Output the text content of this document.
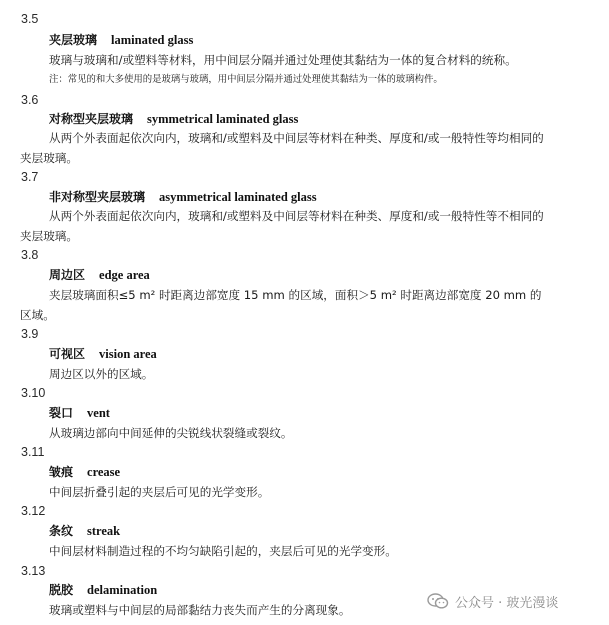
3.5
夹层玻璃 laminated glass
玻璃与玻璃和/或塑料等材料，用中间层分隔并通过处理使其黏结为一体的复合材料的统称。
注：常见的和大多使用的是玻璃与玻璃，用中间层分隔并通过处理使其黏结为一体的玻璃构件。
3.6
对称型夹层玻璃 symmetrical laminated glass
从两个外表面起依次向内，玻璃和/或塑料及中间层等材料在种类、厚度和/或一般特性等均相同的
夹层玻璃。
3.7
非对称型夹层玻璃 asymmetrical laminated glass
从两个外表面起依次向内，玻璃和/或塑料及中间层等材料在种类、厚度和/或一般特性等不相同的
夹层玻璃。
3.8
周边区 edge area
夹层玻璃面积≤5 m² 时距离边部宽度 15 mm 的区域，面积＞5 m² 时距离边部宽度 20 mm 的
区域。
3.9
可视区 vision area
周边区以外的区域。
3.10
裂口 vent
从玻璃边部向中间延伸的尖锐线状裂缝或裂纹。
3.11
皱痕 crease
中间层折叠引起的夹层后可见的光学变形。
3.12
条纹 streak
中间层材料制造过程的不均匀缺陷引起的，夹层后可见的光学变形。
3.13
脱胶 delamination
玻璃或塑料与中间层的局部黏结力丧失而产生的分离现象。	公众号 · 玻光漫谈
